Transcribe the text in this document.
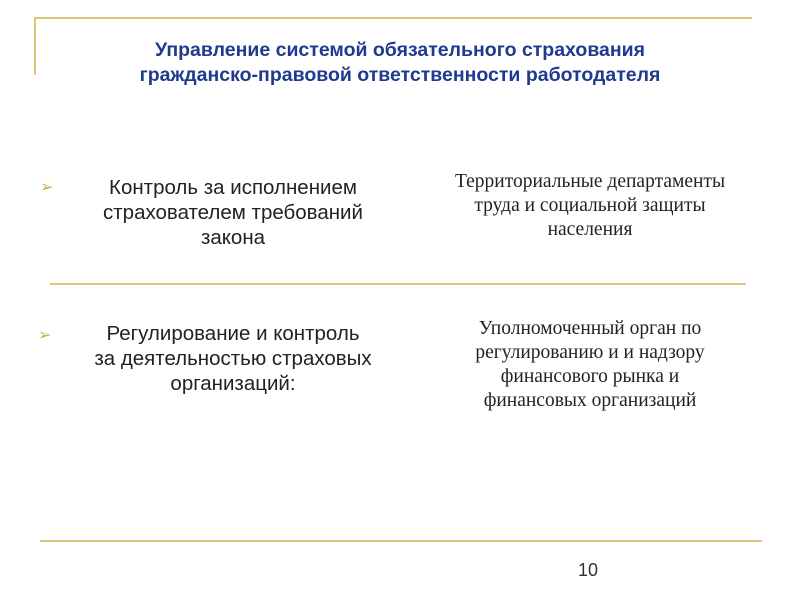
Управление системой обязательного страхования
гражданско-правовой ответственности работодателя
➢	Контроль за исполнением
страхователем требований
закона
Территориальные департаменты
труда и социальной защиты
населения
➢	Регулирование и контроль
за деятельностью страховых
организаций:
Уполномоченный орган по
регулированию и и надзору
финансового рынка и
финансовых организаций
10
